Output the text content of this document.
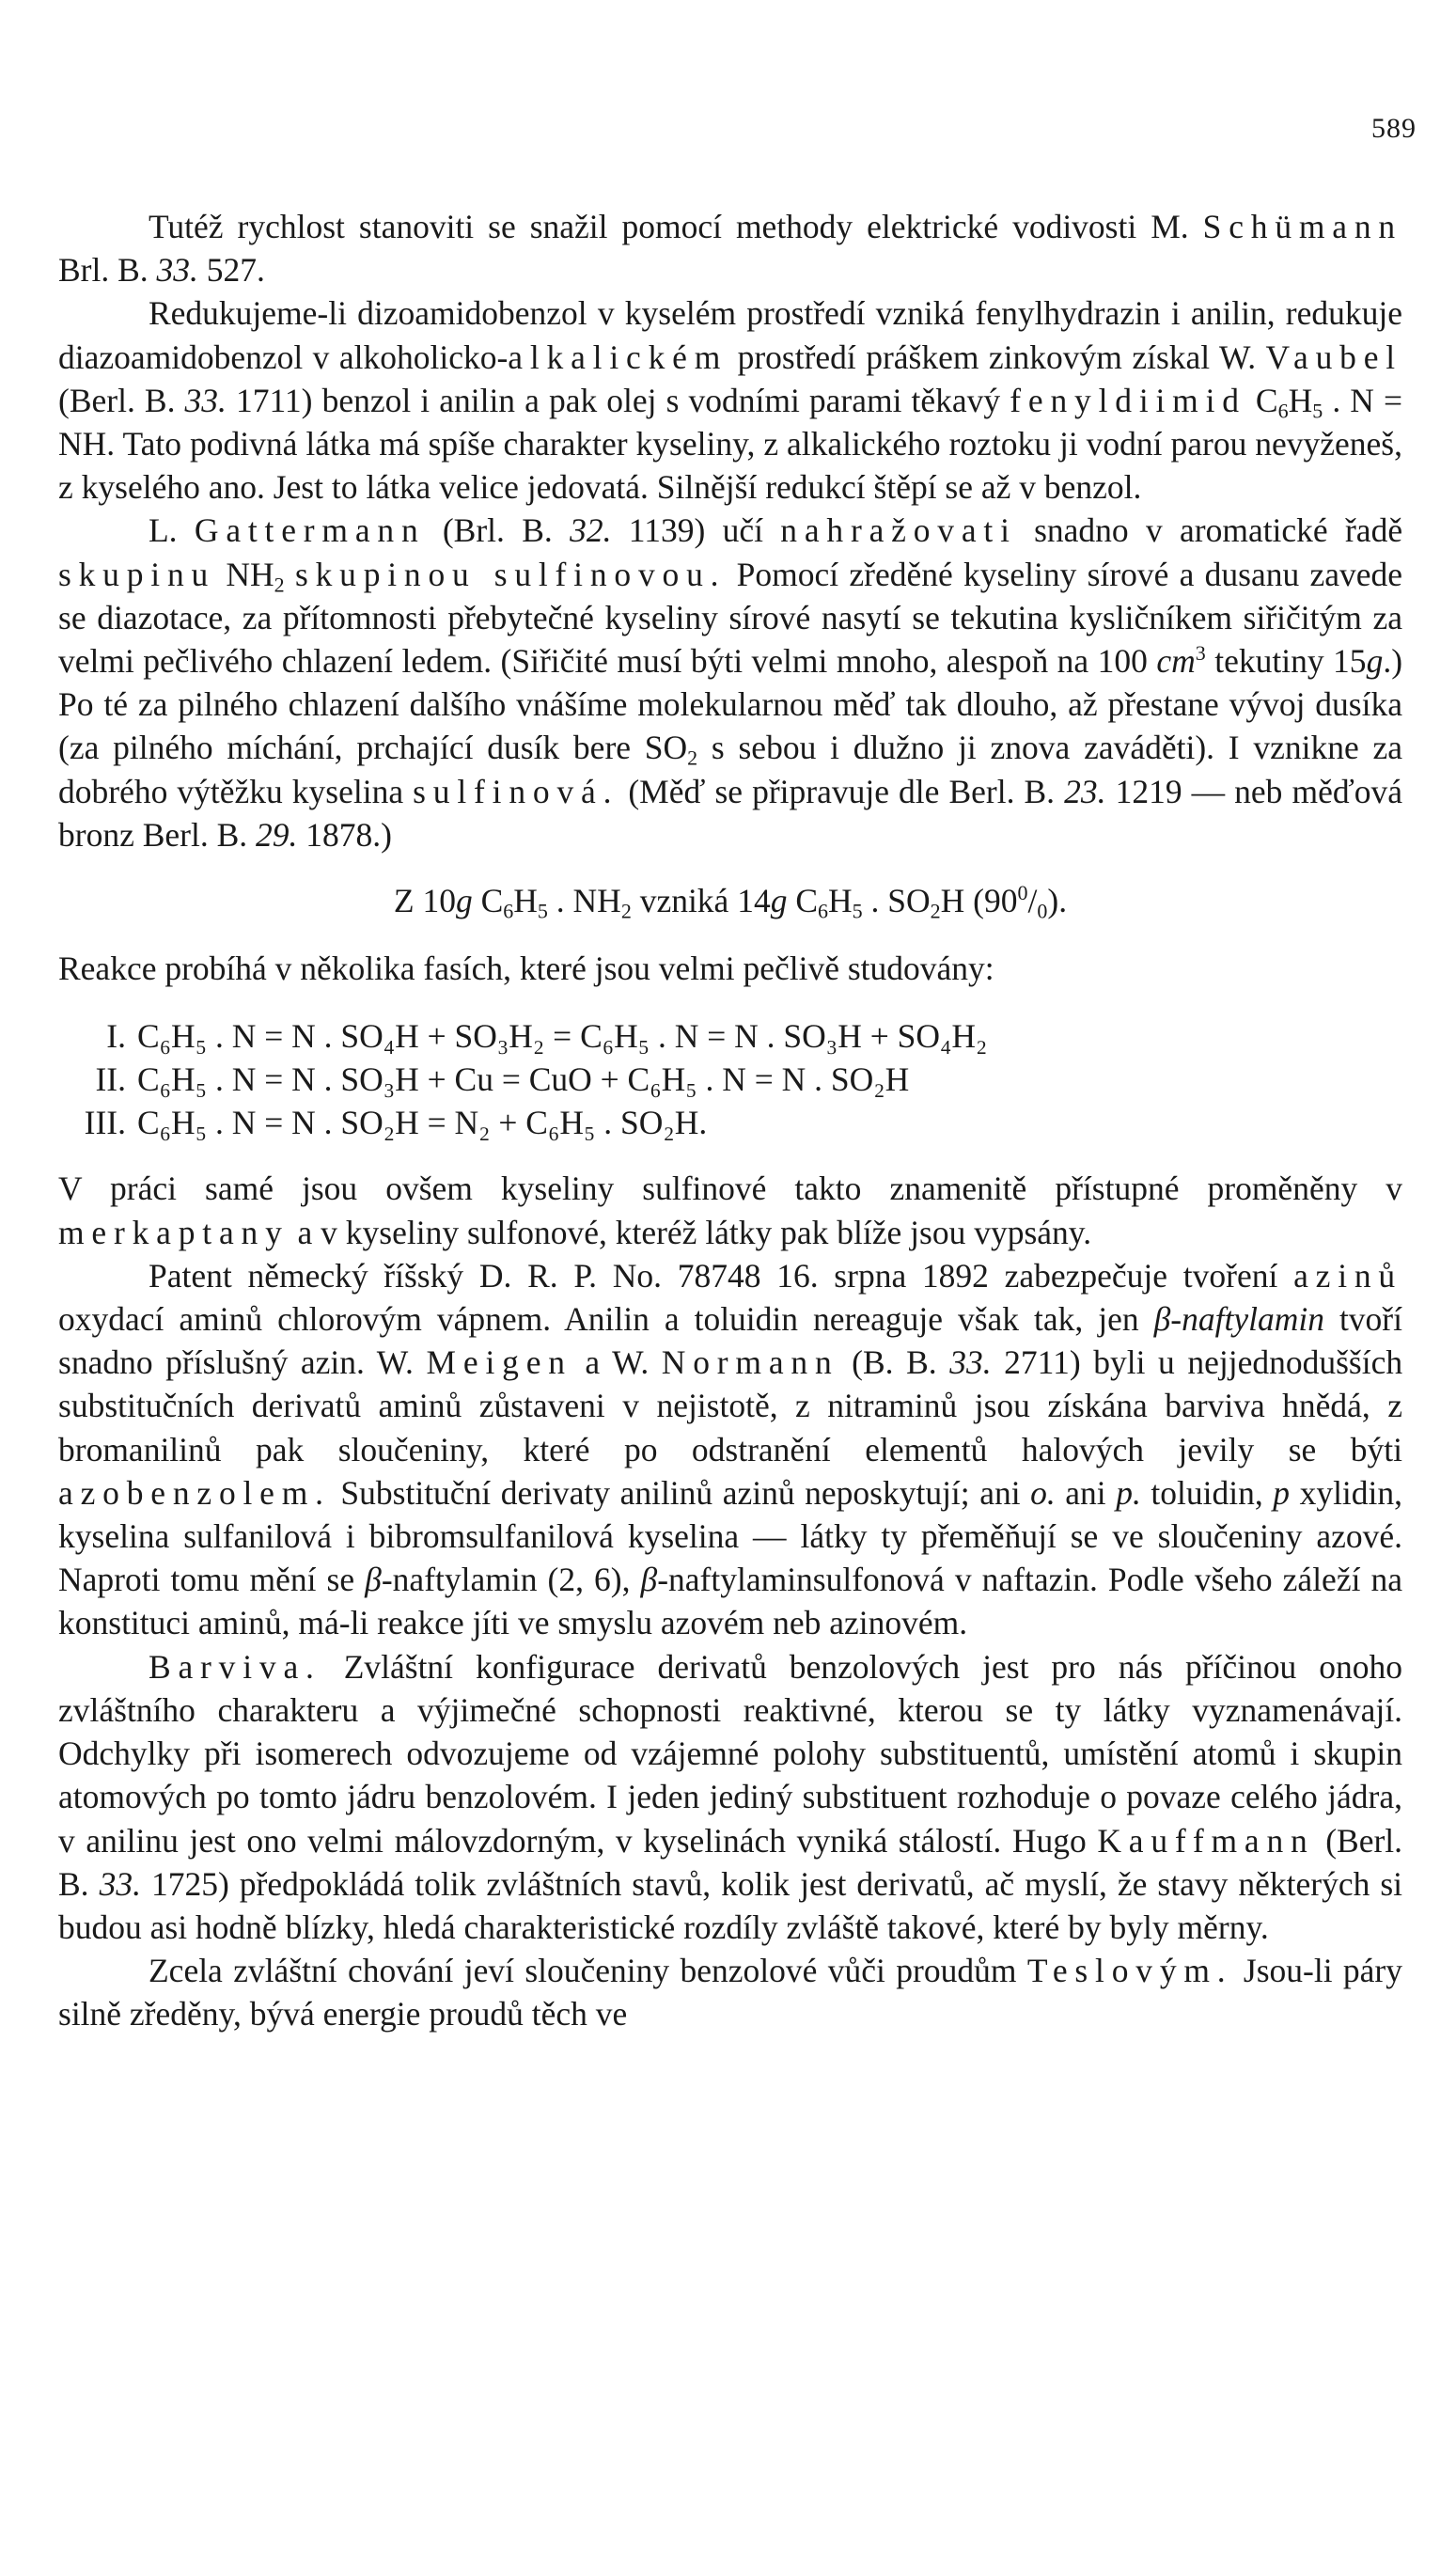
589

Tutéž rychlost stanoviti se snažil pomocí methody elektrické vodivosti M. Schümann Brl. B. 33. 527.

Redukujeme-li dizoamidobenzol v kyselém prostředí vzniká fenylhydrazin i anilin, redukuje diazoamidobenzol v alkoholicko-alkalickém prostředí práškem zinkovým získal W. Vaubel (Berl. B. 33. 1711) benzol i anilin a pak olej s vodními parami těkavý fenyldiimid $C_6H_5$ . N = NH. Tato podivná látka má spíše charakter kyseliny, z alkalického roztoku ji vodní parou nevyženeš, z kyselého ano. Jest to látka velice jedovatá. Silnější redukcí štěpí se až v benzol.

L. Gattermann (Brl. B. 32. 1139) učí nahražovati snadno v aromatické řadě skupinu $NH_2$ skupinou sulfinovou. Pomocí zředěné kyseliny sírové a dusanu zavede se diazotace, za přítomnosti přebytečné kyseliny sírové nasytí se tekutina kysličníkem siřičitým za velmi pečlivého chlazení ledem. (Siřičité musí býti velmi mnoho, alespoň na 100 $cm^3$ tekutiny 15g.) Po té za pilného chlazení dalšího vnášíme molekularnou měď tak dlouho, až přestane vývoj dusíka (za pilného míchání, prchající dusík bere $SO_2$ s sebou i dlužno ji znova zaváděti). I vznikne za dobrého výtěžku kyselina sulfinová. (Měď se připravuje dle Berl. B. 23. 1219 — neb měďová bronz Berl. B. 29. 1878.)

Z 10g $C_6H_5$ . $NH_2$ vzniká 14g $C_6H_5$ . $SO_2H$ $(90^0/_0)$.

Reakce probíhá v několika fasích, které jsou velmi pečlivě studovány:

I. C₆H₅ . N = N . SO₄H + SO₃H₂ = C₆H₅ . N = N . SO₃H + SO₄H₂
II. C₆H₅ . N = N . SO₃H + Cu = CuO + C₆H₅ . N = N . SO₂H
III. C₆H₅ . N = N . SO₂H = N₂ + C₆H₅ . SO₂H.

V práci samé jsou ovšem kyseliny sulfinové takto znamenitě přístupné proměněny v merkaptany a v kyseliny sulfonové, kteréž látky pak blíže jsou vypsány.

Patent německý říšský D. R. P. No. 78748 16. srpna 1892 zabezpečuje tvoření azinů oxydací aminů chlorovým vápnem. Anilin a toluidin nereaguje však tak, jen β-naftylamin tvoří snadno příslušný azin. W. Meigen a W. Normann (B. B. 33. 2711) byli u nejjednodušších substitučních derivatů aminů zůstaveni v nejistotě, z nitraminů jsou získána barviva hnědá, z bromanilinů pak sloučeniny, které po odstranění elementů halových jevily se býti azobenzolem. Substituční derivaty anilinů azinů neposkytují; ani o. ani p. toluidin, p xylidin, kyselina sulfanilová i bibromsulfanilová kyselina — látky ty přeměňují se ve sloučeniny azové. Naproti tomu mění se β-naftylamin (2, 6), β-naftylaminsulfonová v naftazin. Podle všeho záleží na konstituci aminů, má-li reakce jíti ve smyslu azovém neb azinovém.

Barviva. Zvláštní konfigurace derivatů benzolových jest pro nás příčinou onoho zvláštního charakteru a výjimečné schopnosti reaktivné, kterou se ty látky vyznamenávají. Odchylky při isomerech odvozujeme od vzájemné polohy substituentů, umístění atomů i skupin atomových po tomto jádru benzolovém. I jeden jediný substituent rozhoduje o povaze celého jádra, v anilinu jest ono velmi málovzdorným, v kyselinách vyniká stálostí. Hugo Kauffmann (Berl. B. 33. 1725) předpokládá tolik zvláštních stavů, kolik jest derivatů, ač myslí, že stavy některých si budou asi hodně blízky, hledá charakteristické rozdíly zvláště takové, které by byly měrny.

Zcela zvláštní chování jeví sloučeniny benzolové vůči proudům Teslovým. Jsou-li páry silně zředěny, bývá energie proudů těch ve
